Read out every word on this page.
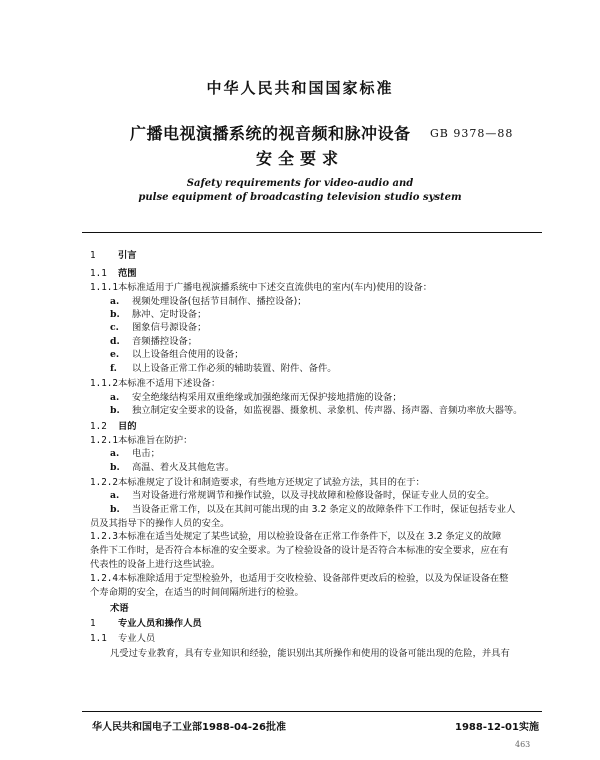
中华人民共和国国家标准
广播电视演播系统的视音频和脉冲设备 GB 9378—88
安全要求
Safety requirements for video-audio and
pulse equipment of broadcasting television studio system
1 引言
1.1 范围
1.1.1本标准适用于广播电视演播系统中下述交直流供电的室内(车内)使用的设备：
a. 视频处理设备(包括节目制作、播控设备)；
b. 脉冲、定时设备；
c. 图象信号源设备；
d. 音频播控设备；
e. 以上设备组合使用的设备；
f. 以上设备正常工作必须的辅助装置、附件、备件。
1.1.2本标准不适用下述设备：
a. 安全绝缘结构采用双重绝缘或加强绝缘而无保护接地措施的设备；
b. 独立制定安全要求的设备，如监视器、摄象机、录象机、传声器、扬声器、音频功率放大器等。
1.2 目的
1.2.1本标准旨在防护：
a. 电击；
b. 高温、着火及其他危害。
1.2.2本标准规定了设计和制造要求，有些地方还规定了试验方法，其目的在于：
a. 当对设备进行常规调节和操作试验，以及寻找故障和检修设备时，保证专业人员的安全。
b. 当设备正常工作，以及在其间可能出现的由 3.2 条定义的故障条件下工作时，保证包括专业人
员及其指导下的操作人员的安全。
1.2.3本标准在适当处规定了某些试验，用以检验设备在正常工作条件下，以及在 3.2 条定义的故障
条件下工作时，是否符合本标准的安全要求。为了检验设备的设计是否符合本标准的安全要求，应在有
代表性的设备上进行这些试验。
1.2.4本标准除适用于定型检验外，也适用于交收检验、设备部件更改后的检验，以及为保证设备在整
个寿命期的安全，在适当的时间间隔所进行的检验。
术语
1 专业人员和操作人员
1.1 专业人员
凡受过专业教育，具有专业知识和经验，能识别出其所操作和使用的设备可能出现的危险，并具有
华人民共和国电子工业部1988-04-26批准	1988-12-01实施
463
